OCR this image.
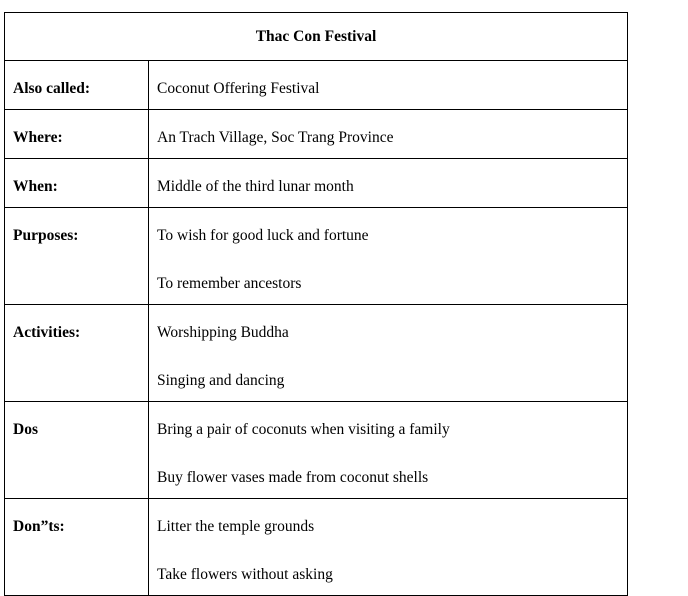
Thac Con Festival	

Also called:	Coconut Offering Festival

Where:	An Trach Village, Soc Trang Province

When:	Middle of the third lunar month

Purposes:	To wish for good luck and fortune
To remember ancestors

Activities:	Worshipping Buddha
Singing and dancing

Dos	Bring a pair of coconuts when visiting a family
Buy flower vases made from coconut shells

Don”ts:	Litter the temple grounds
Take flowers without asking
